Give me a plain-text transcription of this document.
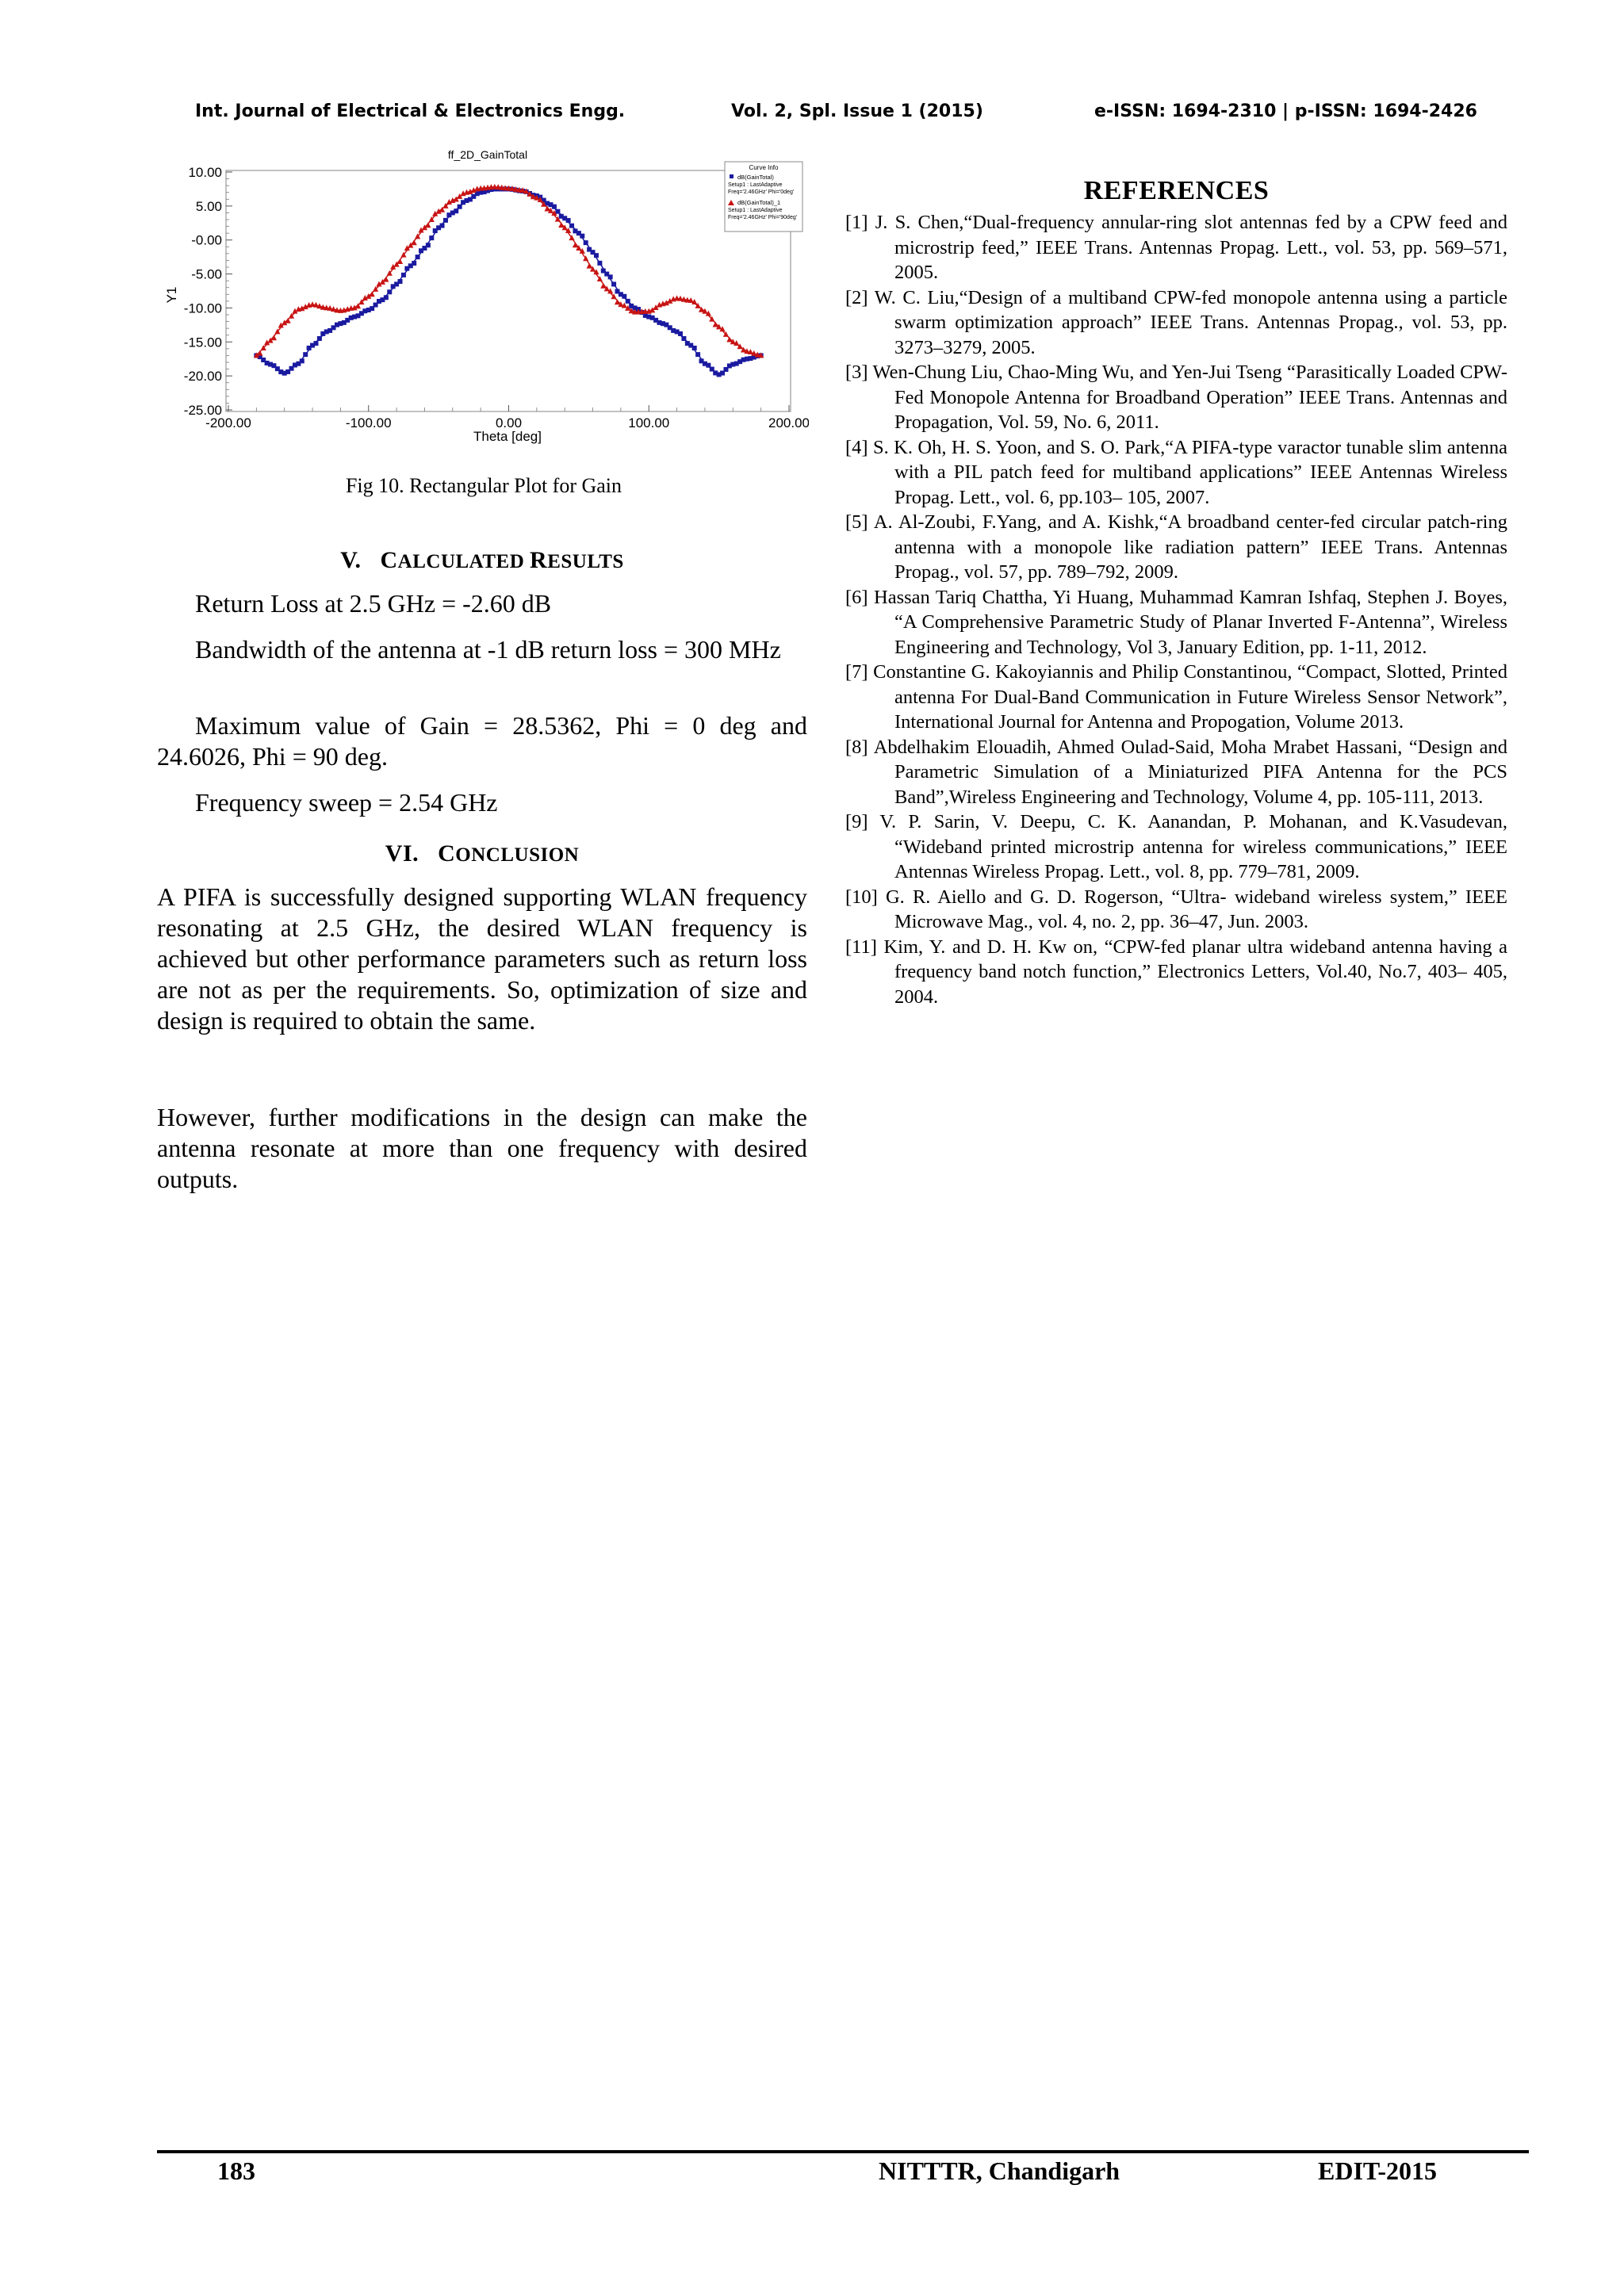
Int. Journal of Electrical & Electronics Engg.	Vol. 2, Spl. Issue 1 (2015)	e-ISSN: 1694-2310 | p-ISSN: 1694-2426
ff_2D_GainTotal
10.00
5.00
-0.00
-5.00
-10.00
-15.00
-20.00
-25.00
-200.00	-100.00	0.00	100.00	200.00
Theta [deg]
Y1
Curve Info
dB(GainTotal)
Setup1 : LastAdaptive
Freq='2.46GHz' Phi='0deg'
dB(GainTotal)_1
Setup1 : LastAdaptive
Freq='2.46GHz' Phi='90deg'
Fig 10. Rectangular Plot for Gain
V. CALCULATED RESULTS
Return Loss at 2.5 GHz = -2.60 dB
Bandwidth of the antenna at -1 dB return loss = 300 MHz
Maximum value of Gain = 28.5362, Phi = 0 deg and 24.6026, Phi = 90 deg.
Frequency sweep = 2.54 GHz
VI. CONCLUSION
A PIFA is successfully designed supporting WLAN frequency resonating at 2.5 GHz, the desired WLAN frequency is achieved but other performance parameters such as return loss are not as per the requirements. So, optimization of size and design is required to obtain the same.
However, further modifications in the design can make the antenna resonate at more than one frequency with desired outputs.
REFERENCES
[1] J. S. Chen,“Dual-frequency annular-ring slot antennas fed by a CPW feed and microstrip feed,” IEEE Trans. Antennas Propag. Lett., vol. 53, pp. 569–571, 2005.
[2] W. C. Liu,“Design of a multiband CPW-fed monopole antenna using a particle swarm optimization approach” IEEE Trans. Antennas Propag., vol. 53, pp. 3273–3279, 2005.
[3] Wen-Chung Liu, Chao-Ming Wu, and Yen-Jui Tseng “Parasitically Loaded CPW-Fed Monopole Antenna for Broadband Operation” IEEE Trans. Antennas and Propagation, Vol. 59, No. 6, 2011.
[4] S. K. Oh, H. S. Yoon, and S. O. Park,“A PIFA-type varactor tunable slim antenna with a PIL patch feed for multiband applications” IEEE Antennas Wireless Propag. Lett., vol. 6, pp.103– 105, 2007.
[5] A. Al-Zoubi, F.Yang, and A. Kishk,“A broadband center-fed circular patch-ring antenna with a monopole like radiation pattern” IEEE Trans. Antennas Propag., vol. 57, pp. 789–792, 2009.
[6] Hassan Tariq Chattha, Yi Huang, Muhammad Kamran Ishfaq, Stephen J. Boyes, “A Comprehensive Parametric Study of Planar Inverted F-Antenna”, Wireless Engineering and Technology, Vol 3, January Edition, pp. 1-11, 2012.
[7] Constantine G. Kakoyiannis and Philip Constantinou, “Compact, Slotted, Printed antenna For Dual-Band Communication in Future Wireless Sensor Network”, International Journal for Antenna and Propogation, Volume 2013.
[8] Abdelhakim Elouadih, Ahmed Oulad-Said, Moha Mrabet Hassani, “Design and Parametric Simulation of a Miniaturized PIFA Antenna for the PCS Band”,Wireless Engineering and Technology, Volume 4, pp. 105-111, 2013.
[9] V. P. Sarin, V. Deepu, C. K. Aanandan, P. Mohanan, and K.Vasudevan, “Wideband printed microstrip antenna for wireless communications,” IEEE Antennas Wireless Propag. Lett., vol. 8, pp. 779–781, 2009.
[10] G. R. Aiello and G. D. Rogerson, “Ultra- wideband wireless system,” IEEE Microwave Mag., vol. 4, no. 2, pp. 36–47, Jun. 2003.
[11] Kim, Y. and D. H. Kw on, “CPW-fed planar ultra wideband antenna having a frequency band notch function,” Electronics Letters, Vol.40, No.7, 403– 405, 2004.
183	NITTTR, Chandigarh	EDIT-2015
